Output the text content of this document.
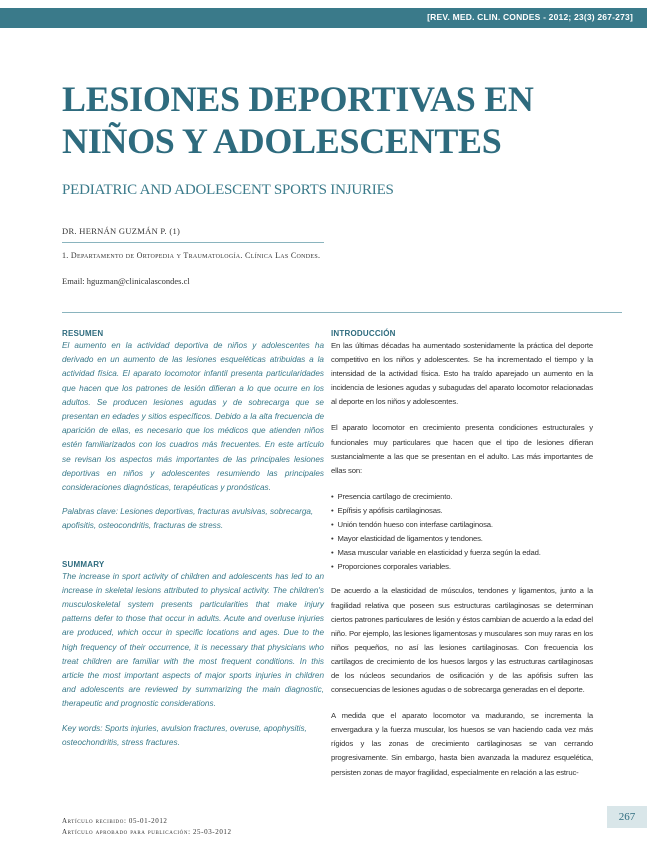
[REV. MED. CLIN. CONDES - 2012; 23(3) 267-273]
LESIONES DEPORTIVAS EN NIÑOS Y ADOLESCENTES
PEDIATRIC AND ADOLESCENT SPORTS INJURIES
DR. HERNÁN GUZMÁN P. (1)
1. Departamento de Ortopedia y Traumatología. Clínica Las Condes.
Email: hguzman@clinicalascondes.cl
RESUMEN

El aumento en la actividad deportiva de niños y adolescentes ha derivado en un aumento de las lesiones esqueléticas atribuidas a la actividad física. El aparato locomotor infantil presenta particularidades que hacen que los patrones de lesión difieran a lo que ocurre en los adultos. Se producen lesiones agudas y de sobrecarga que se presentan en edades y sitios específicos. Debido a la alta frecuencia de aparición de ellas, es necesario que los médicos que atienden niños estén familiarizados con los cuadros más frecuentes. En este artículo se revisan los aspectos más importantes de las principales lesiones deportivas en niños y adolescentes resumiendo las principales consideraciones diagnósticas, terapéuticas y pronósticas.

Palabras clave: Lesiones deportivas, fracturas avulsivas, sobrecarga, apofisitis, osteocondritis, fracturas de stress.

SUMMARY

The increase in sport activity of children and adolescents has led to an increase in skeletal lesions attributed to physical activity. The children's musculoskeletal system presents particularities that make injury patterns defer to those that occur in adults. Acute and overluse injuries are produced, which occur in specific locations and ages. Due to the high frequency of their occurrence, it is necessary that physicians who treat children are familiar with the most frequent conditions. In this article the most important aspects of major sports injuries in children and adolescents are reviewed by summarizing the main diagnostic, therapeutic and prognostic considerations.

Key words: Sports injuries, avulsion fractures, overuse, apophysitis, osteochondritis, stress fractures.

INTRODUCCIÓN

En las últimas décadas ha aumentado sostenidamente la práctica del deporte competitivo en los niños y adolescentes. Se ha incrementado el tiempo y la intensidad de la actividad física. Esto ha traído aparejado un aumento en la incidencia de lesiones agudas y subagudas del aparato locomotor relacionadas al deporte en los niños y adolescentes.

El aparato locomotor en crecimiento presenta condiciones estructurales y funcionales muy particulares que hacen que el tipo de lesiones difieran sustancialmente a las que se presentan en el adulto. Las más importantes de ellas son:

• Presencia cartílago de crecimiento.
• Epífisis y apófisis cartilaginosas.
• Unión tendón hueso con interfase cartilaginosa.
• Mayor elasticidad de ligamentos y tendones.
• Masa muscular variable en elasticidad y fuerza según la edad.
• Proporciones corporales variables.

De acuerdo a la elasticidad de músculos, tendones y ligamentos, junto a la fragilidad relativa que poseen sus estructuras cartilaginosas se determinan ciertos patrones particulares de lesión y éstos cambian de acuerdo a la edad del niño. Por ejemplo, las lesiones ligamentosas y musculares son muy raras en los niños pequeños, no así las lesiones cartilaginosas. Con frecuencia los cartílagos de crecimiento de los huesos largos y las estructuras cartilaginosas de los núcleos secundarios de osificación y de las apófisis sufren las consecuencias de lesiones agudas o de sobrecarga generadas en el deporte.

A medida que el aparato locomotor va madurando, se incrementa la envergadura y la fuerza muscular, los huesos se van haciendo cada vez más rígidos y las zonas de crecimiento cartilaginosas se van cerrando progresivamente. Sin embargo, hasta bien avanzada la madurez esquelética, persisten zonas de mayor fragilidad, especialmente en relación a las estruc-

Artículo recibido: 05-01-2012
Artículo aprobado para publicación: 25-03-2012
267
